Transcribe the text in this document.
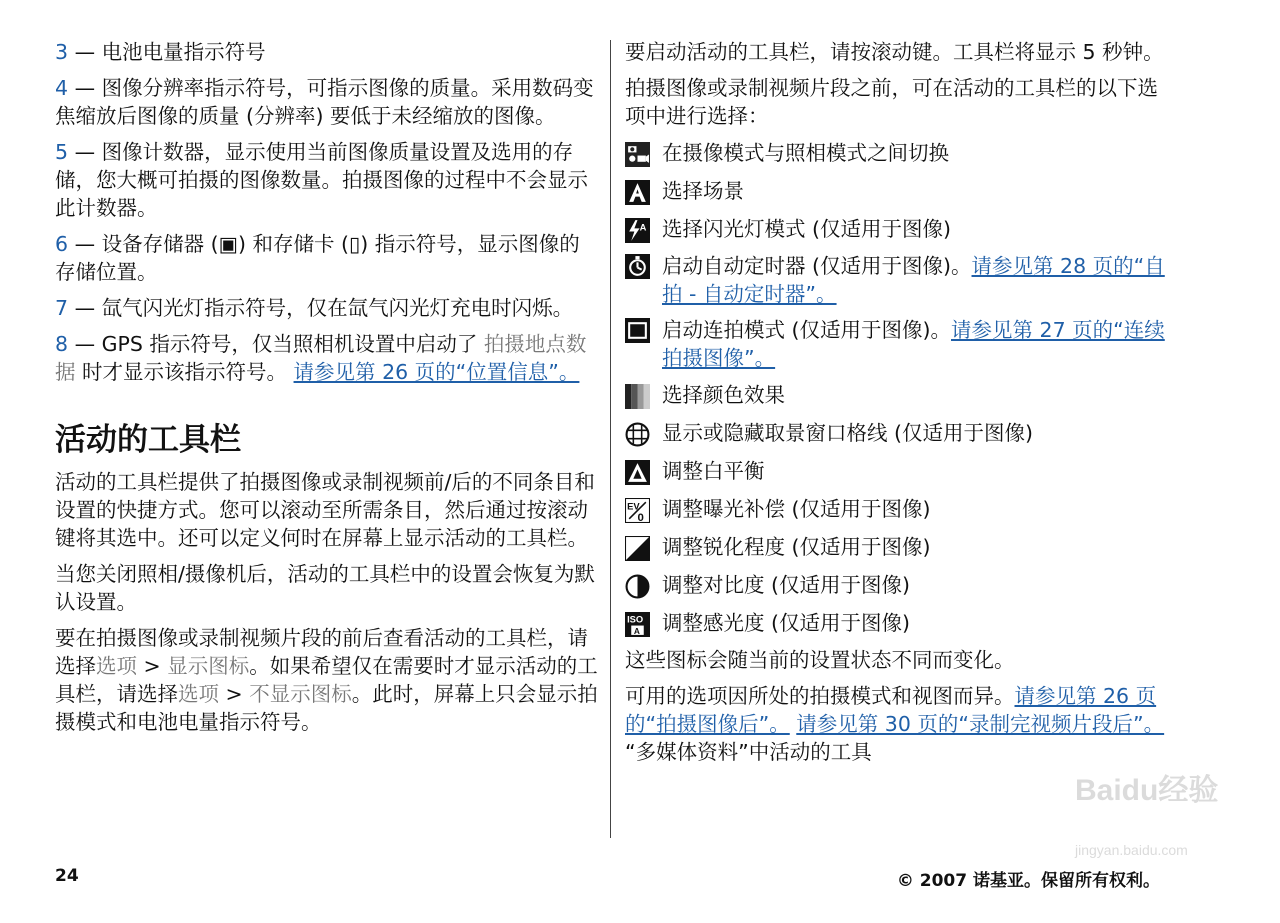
3 — 电池电量指示符号

4 — 图像分辨率指示符号，可指示图像的质量。采用数码变焦缩放后图像的质量 (分辨率) 要低于未经缩放的图像。

5 — 图像计数器，显示使用当前图像质量设置及选用的存储，您大概可拍摄的图像数量。拍摄图像的过程中不会显示此计数器。

6 — 设备存储器 (▣) 和存储卡 (▯) 指示符号，显示图像的存储位置。

7 — 氙气闪光灯指示符号，仅在氙气闪光灯充电时闪烁。

8 — GPS 指示符号，仅当照相机设置中启动了 拍摄地点数据 时才显示该指示符号。 请参见第 26 页的“位置信息”。

活动的工具栏

活动的工具栏提供了拍摄图像或录制视频前/后的不同条目和设置的快捷方式。您可以滚动至所需条目，然后通过按滚动键将其选中。还可以定义何时在屏幕上显示活动的工具栏。

当您关闭照相/摄像机后，活动的工具栏中的设置会恢复为默认设置。

要在拍摄图像或录制视频片段的前后查看活动的工具栏，请选择选项 > 显示图标。如果希望仅在需要时才显示活动的工具栏，请选择选项 > 不显示图标。此时，屏幕上只会显示拍摄模式和电池电量指示符号。

要启动活动的工具栏，请按滚动键。工具栏将显示 5 秒钟。

拍摄图像或录制视频片段之前，可在活动的工具栏的以下选项中进行选择：

在摄像模式与照相模式之间切换
选择场景
A 选择闪光灯模式 (仅适用于图像)
启动自动定时器 (仅适用于图像)。请参见第 28 页的“自拍 - 自动定时器”。
启动连拍模式 (仅适用于图像)。请参见第 27 页的“连续拍摄图像”。
选择颜色效果
显示或隐藏取景窗口格线 (仅适用于图像)
调整白平衡
EV
0 调整曝光补偿 (仅适用于图像)
调整锐化程度 (仅适用于图像)
调整对比度 (仅适用于图像)
ISO
A 调整感光度 (仅适用于图像)

这些图标会随当前的设置状态不同而变化。

可用的选项因所处的拍摄模式和视图而异。请参见第 26 页的“拍摄图像后”。 请参见第 30 页的“录制完视频片段后”。 “多媒体资料”中活动的工具

24	© 2007 诺基亚。保留所有权利。
Baidu经验
jingyan.baidu.com
